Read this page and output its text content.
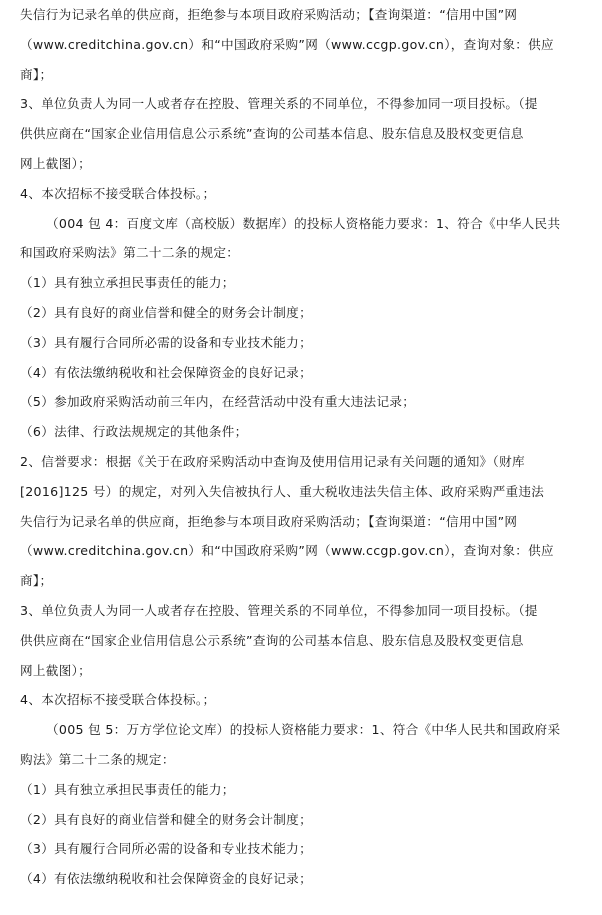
失信行为记录名单的供应商，拒绝参与本项目政府采购活动；【查询渠道：“信用中国”网
（www.creditchina.gov.cn）和“中国政府采购”网（www.ccgp.gov.cn），查询对象：供应
商】；

3、单位负责人为同一人或者存在控股、管理关系的不同单位，不得参加同一项目投标。（提
供供应商在“国家企业信用信息公示系统”查询的公司基本信息、股东信息及股权变更信息
网上截图）；

4、本次招标不接受联合体投标。；

（004 包 4：百度文库（高校版）数据库）的投标人资格能力要求：1、符合《中华人民共
和国政府采购法》第二十二条的规定：

（1）具有独立承担民事责任的能力；

（2）具有良好的商业信誉和健全的财务会计制度；

（3）具有履行合同所必需的设备和专业技术能力；

（4）有依法缴纳税收和社会保障资金的良好记录；

（5）参加政府采购活动前三年内，在经营活动中没有重大违法记录；

（6）法律、行政法规规定的其他条件；

2、信誉要求：根据《关于在政府采购活动中查询及使用信用记录有关问题的通知》（财库
[2016]125 号）的规定，对列入失信被执行人、重大税收违法失信主体、政府采购严重违法
失信行为记录名单的供应商，拒绝参与本项目政府采购活动；【查询渠道：“信用中国”网
（www.creditchina.gov.cn）和“中国政府采购”网（www.ccgp.gov.cn），查询对象：供应
商】；

3、单位负责人为同一人或者存在控股、管理关系的不同单位，不得参加同一项目投标。（提
供供应商在“国家企业信用信息公示系统”查询的公司基本信息、股东信息及股权变更信息
网上截图）；

4、本次招标不接受联合体投标。；

（005 包 5：万方学位论文库）的投标人资格能力要求：1、符合《中华人民共和国政府采
购法》第二十二条的规定：

（1）具有独立承担民事责任的能力；

（2）具有良好的商业信誉和健全的财务会计制度；

（3）具有履行合同所必需的设备和专业技术能力；

（4）有依法缴纳税收和社会保障资金的良好记录；
